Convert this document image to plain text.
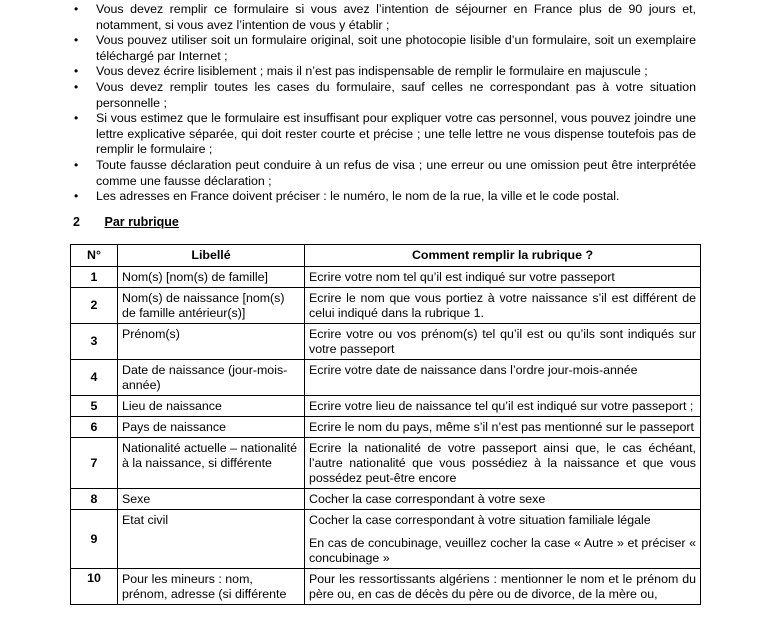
• Vous devez remplir ce formulaire si vous avez l’intention de séjourner en France plus de 90 jours et, notamment, si vous avez l’intention de vous y établir ;
• Vous pouvez utiliser soit un formulaire original, soit une photocopie lisible d’un formulaire, soit un exemplaire téléchargé par Internet ;
• Vous devez écrire lisiblement ; mais il n’est pas indispensable de remplir le formulaire en majuscule ;
• Vous devez remplir toutes les cases du formulaire, sauf celles ne correspondant pas à votre situation personnelle ;
• Si vous estimez que le formulaire est insuffisant pour expliquer votre cas personnel, vous pouvez joindre une lettre explicative séparée, qui doit rester courte et précise ; une telle lettre ne vous dispense toutefois pas de remplir le formulaire ;
• Toute fausse déclaration peut conduire à un refus de visa ; une erreur ou une omission peut être interprétée comme une fausse déclaration ;
• Les adresses en France doivent préciser : le numéro, le nom de la rue, la ville et le code postal.
2 Par rubrique
N°	Libellé	Comment remplir la rubrique ?
1	Nom(s) [nom(s) de famille]	Ecrire votre nom tel qu’il est indiqué sur votre passeport
2	Nom(s) de naissance [nom(s) de famille antérieur(s)]	Ecrire le nom que vous portiez à votre naissance s’il est différent de celui indiqué dans la rubrique 1.
3	Prénom(s)	Ecrire votre ou vos prénom(s) tel qu’il est ou qu’ils sont indiqués sur votre passeport
4	Date de naissance (jour-mois-année)	Ecrire votre date de naissance dans l’ordre jour-mois-année
5	Lieu de naissance	Ecrire votre lieu de naissance tel qu’il est indiqué sur votre passeport ;
6	Pays de naissance	Ecrire le nom du pays, même s’il n’est pas mentionné sur le passeport
7	Nationalité actuelle – nationalité à la naissance, si différente	Ecrire la nationalité de votre passeport ainsi que, le cas échéant, l’autre nationalité que vous possédiez à la naissance et que vous possédez peut-être encore
8	Sexe	Cocher la case correspondant à votre sexe
9	Etat civil	Cocher la case correspondant à votre situation familiale légale
En cas de concubinage, veuillez cocher la case « Autre » et préciser « concubinage »

10	Pour les mineurs : nom, prénom, adresse (si différente	Pour les ressortissants algériens : mentionner le nom et le prénom du père ou, en cas de décès du père ou de divorce, de la mère ou,
